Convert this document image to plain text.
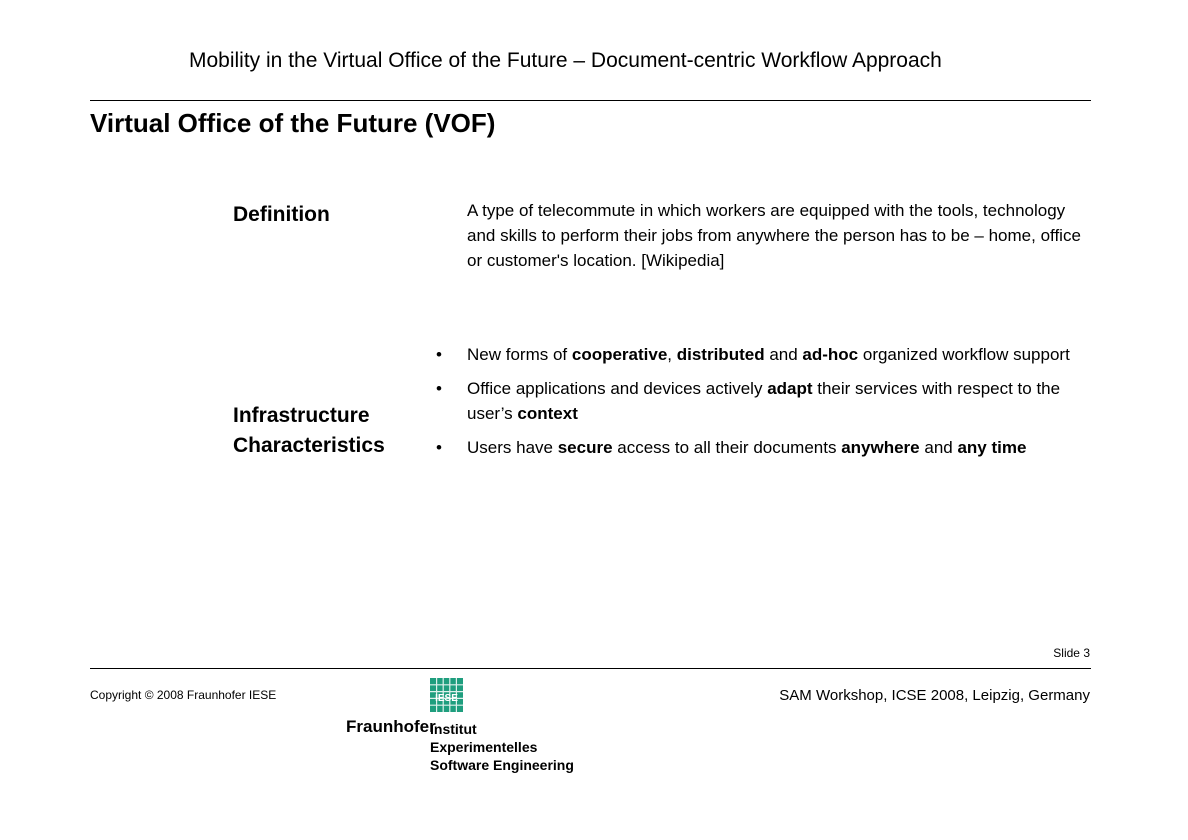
Mobility in the Virtual Office of the Future – Document-centric Workflow Approach
Virtual Office of the Future (VOF)
Definition	A type of telecommute in which workers are equipped with the tools, technology and skills to perform their jobs from anywhere the person has to be – home, office or customer's location. [Wikipedia]
Infrastructure
Characteristics
• New forms of cooperative, distributed and ad-hoc organized workflow support
• Office applications and devices actively adapt their services with respect to the user’s context
• Users have secure access to all their documents anywhere and any time
Slide 3
Copyright © 2008 Fraunhofer IESE	SAM Workshop, ICSE 2008, Leipzig, Germany
IESE
Fraunhofer
Institut
Experimentelles
Software Engineering
